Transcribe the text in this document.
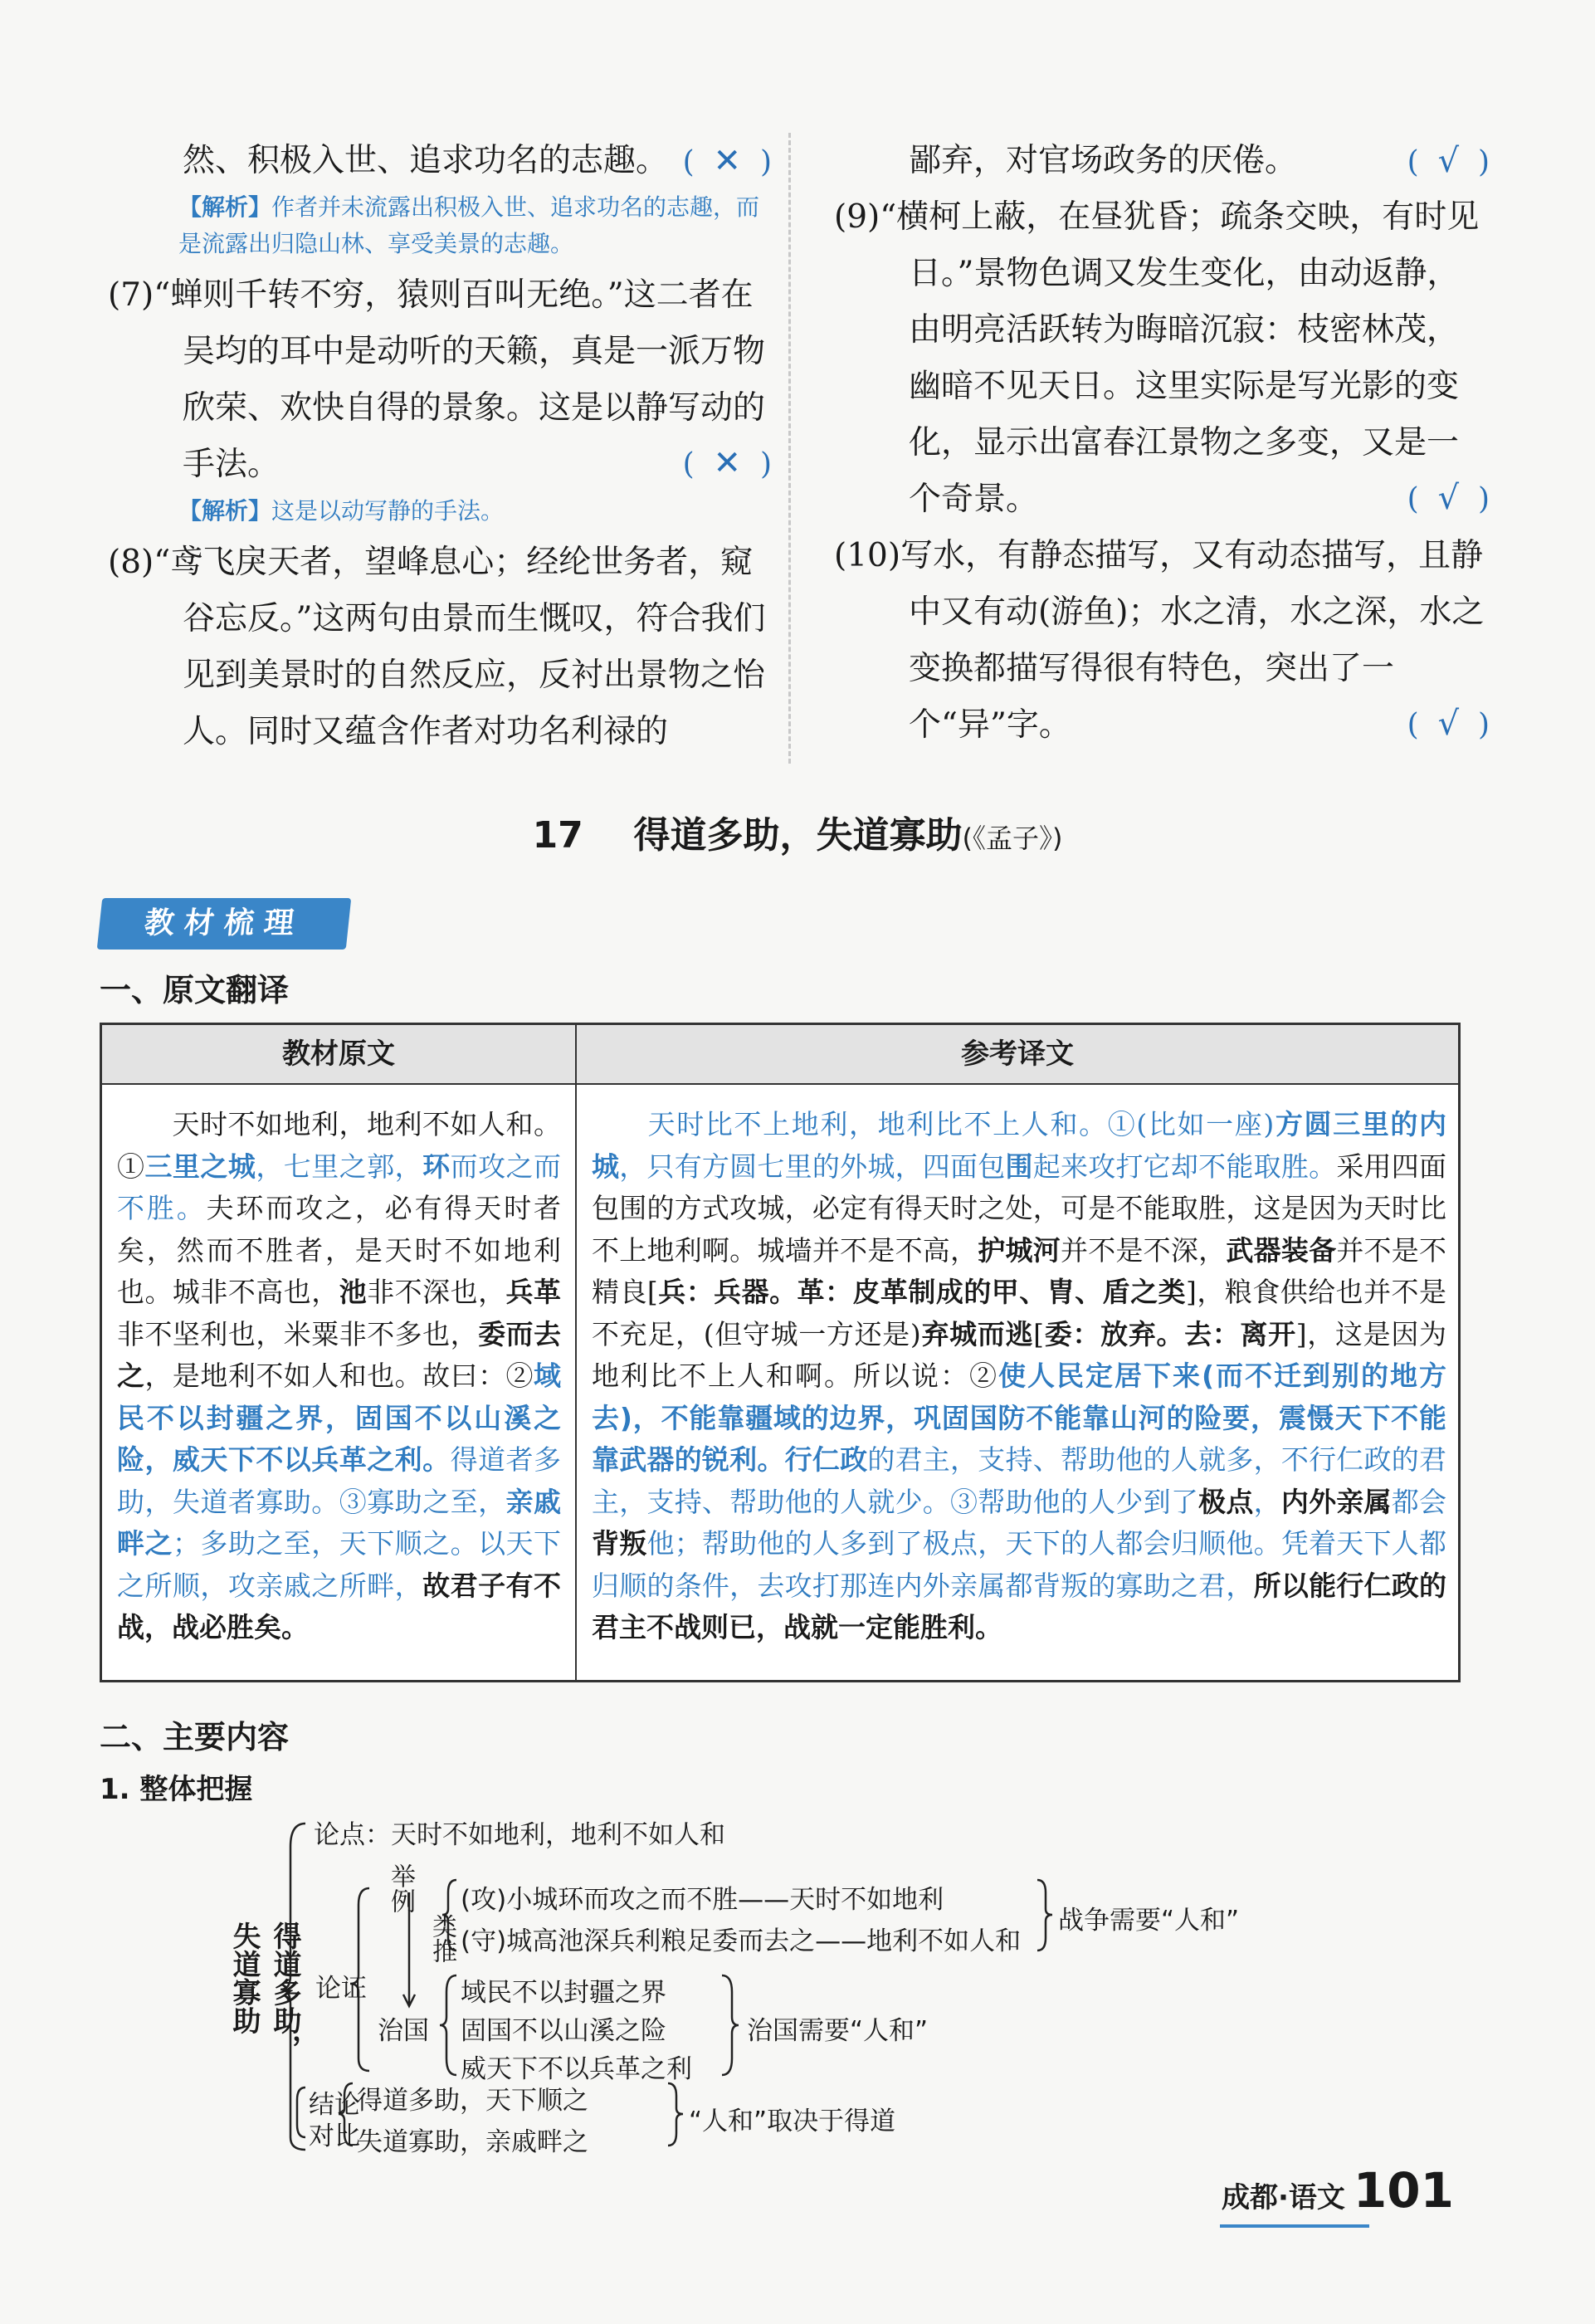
然、积极入世、追求功名的志趣。 (  ✕  )
【解析】作者并未流露出积极入世、追求功名的志趣，而是流露出归隐山林、享受美景的志趣。
(7)“蝉则千转不穷，猿则百叫无绝。”这二者在吴均的耳中是动听的天籁，真是一派万物欣荣、欢快自得的景象。这是以静写动的手法。	(  ✕  )
【解析】这是以动写静的手法。
(8)“鸢飞戾天者，望峰息心；经纶世务者，窥谷忘反。”这两句由景而生慨叹，符合我们见到美景时的自然反应，反衬出景物之怡人。同时又蕴含作者对功名利禄的
鄙弃，对官场政务的厌倦。	(  √  )
(9)“横柯上蔽，在昼犹昏；疏条交映，有时见日。”景物色调又发生变化，由动返静，由明亮活跃转为晦暗沉寂：枝密林茂，幽暗不见天日。这里实际是写光影的变化，显示出富春江景物之多变，又是一个奇景。	(  √  )
(10)写水，有静态描写，又有动态描写，且静中又有动(游鱼)；水之清，水之深，水之变换都描写得很有特色，突出了一个“异”字。	(  √  )
17 得道多助，失道寡助(《孟子》)
教材梳理
一、原文翻译
教材原文	参考译文
天时不如地利，地利不如人和。①三里之城，七里之郭，环而攻之而不胜。夫环而攻之，必有得天时者矣，然而不胜者，是天时不如地利也。城非不高也，池非不深也，兵革非不坚利也，米粟非不多也，委而去之，是地利不如人和也。故曰：②域民不以封疆之界，固国不以山溪之险，威天下不以兵革之利。得道者多助，失道者寡助。③寡助之至，亲戚畔之；多助之至，天下顺之。以天下之所顺，攻亲戚之所畔，故君子有不战，战必胜矣。
天时比不上地利，地利比不上人和。①(比如一座)方圆三里的内城，只有方圆七里的外城，四面包围起来攻打它却不能取胜。采用四面包围的方式攻城，必定有得天时之处，可是不能取胜，这是因为天时比不上地利啊。城墙并不是不高，护城河并不是不深，武器装备并不是不精良[兵：兵器。革：皮革制成的甲、胄、盾之类]，粮食供给也并不是不充足，(但守城一方还是)弃城而逃[委：放弃。去：离开]，这是因为地利比不上人和啊。所以说：②使人民定居下来(而不迁到别的地方去)，不能靠疆域的边界，巩固国防不能靠山河的险要，震慑天下不能靠武器的锐利。行仁政的君主，支持、帮助他的人就多，不行仁政的君主，支持、帮助他的人就少。③帮助他的人少到了极点，内外亲属都会背叛他；帮助他的人多到了极点，天下的人都会归顺他。凭着天下人都归顺的条件，去攻打那连内外亲属都背叛的寡助之君，所以能行仁政的君主不战则已，战就一定能胜利。
二、主要内容
1. 整体把握
得道多助，失道寡助
论点：天时不如地利，地利不如人和
论证
举例
类推
(攻)小城环而攻之而不胜——天时不如地利
(守)城高池深兵利粮足委而去之——地利不如人和
战争需要“人和”
治国
域民不以封疆之界
固国不以山溪之险
威天下不以兵革之利
治国需要“人和”
结论
对比
得道多助，天下顺之
失道寡助，亲戚畔之
“人和”取决于得道
成都·语文 101
